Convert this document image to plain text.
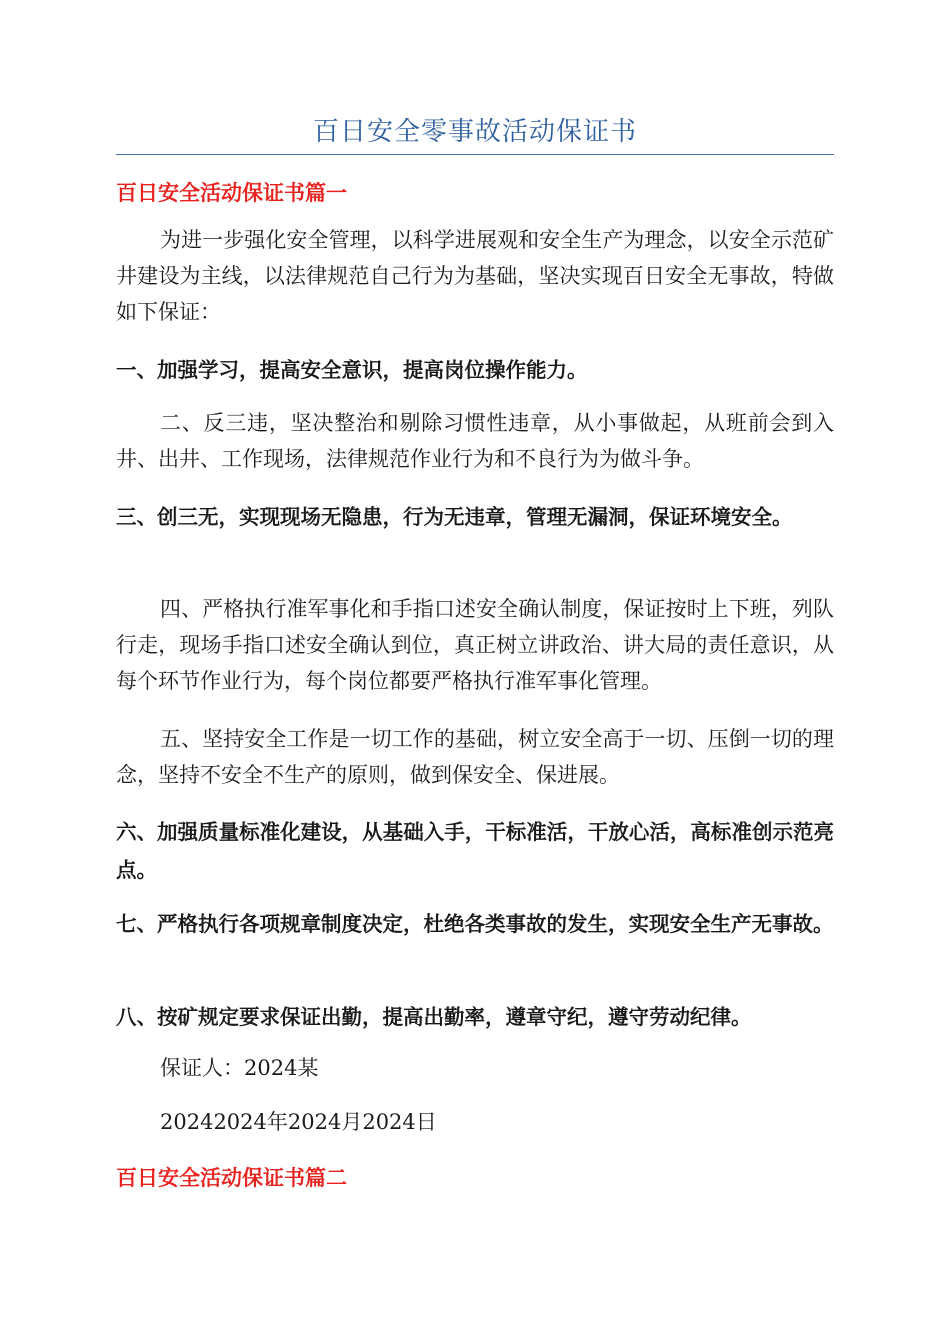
百日安全零事故活动保证书
百日安全活动保证书篇一
为进一步强化安全管理，以科学进展观和安全生产为理念，以安全示范矿井建设为主线，以法律规范自己行为为基础，坚决实现百日安全无事故，特做如下保证：
一、加强学习，提高安全意识，提高岗位操作能力。
二、反三违，坚决整治和剔除习惯性违章，从小事做起，从班前会到入井、出井、工作现场，法律规范作业行为和不良行为为做斗争。
三、创三无，实现现场无隐患，行为无违章，管理无漏洞，保证环境安全。
四、严格执行准军事化和手指口述安全确认制度，保证按时上下班，列队行走，现场手指口述安全确认到位，真正树立讲政治、讲大局的责任意识，从每个环节作业行为，每个岗位都要严格执行准军事化管理。
五、坚持安全工作是一切工作的基础，树立安全高于一切、压倒一切的理念，坚持不安全不生产的原则，做到保安全、保进展。
六、加强质量标准化建设，从基础入手，干标准活，干放心活，高标准创示范亮点。
七、严格执行各项规章制度决定，杜绝各类事故的发生，实现安全生产无事故。
八、按矿规定要求保证出勤，提高出勤率，遵章守纪，遵守劳动纪律。
保证人：2024某
20242024年2024月2024日
百日安全活动保证书篇二
